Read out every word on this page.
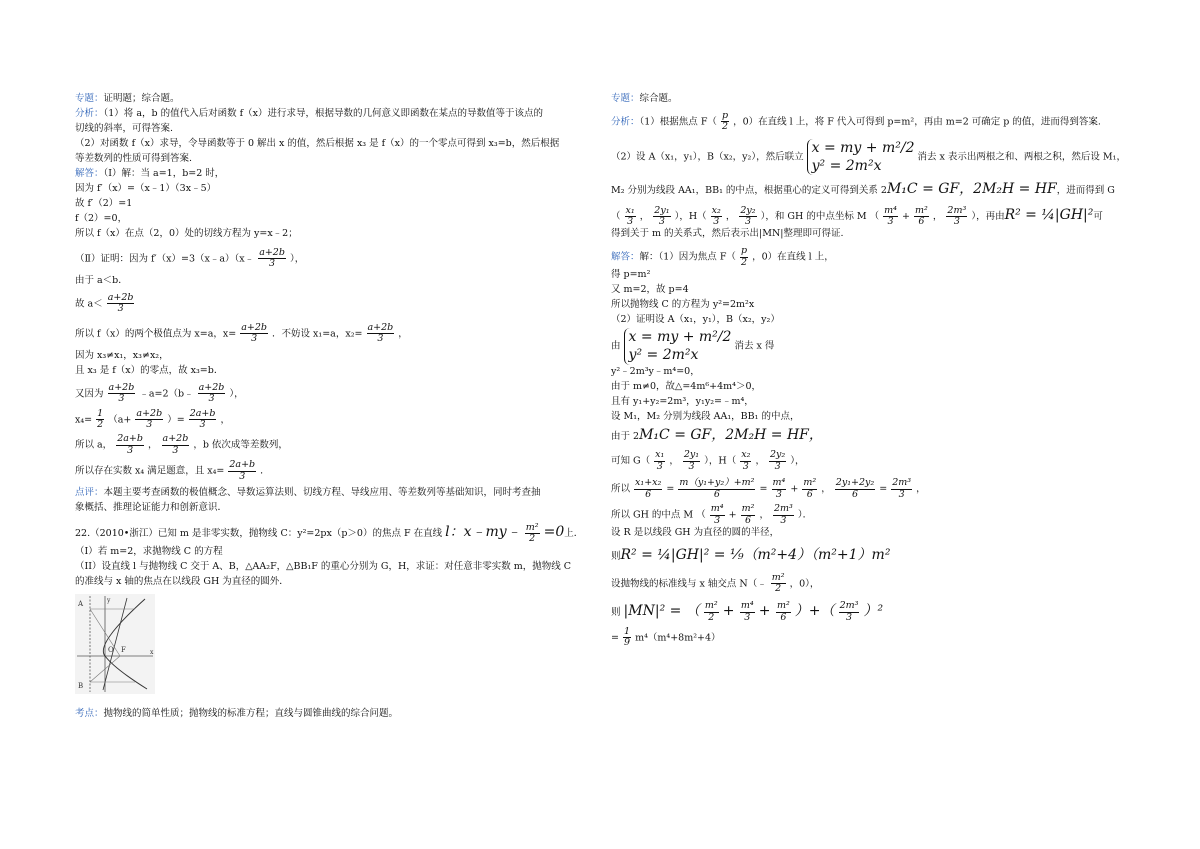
专题：证明题；综合题。
分析：（1）将 a，b 的值代入后对函数 f（x）进行求导，根据导数的几何意义即函数在某点的导数值等于该点的
切线的斜率，可得答案.
（2）对函数 f（x）求导，令导函数等于 0 解出 x 的值，然后根据 x₃ 是 f（x）的一个零点可得到 x₃=b，然后根据
等差数列的性质可得到答案.
解答：（Ⅰ）解：当 a=1，b=2 时，
因为 f′（x）=（x﹣1）（3x﹣5）
故 f′（2）=1
f（2）=0，
所以 f（x）在点（2，0）处的切线方程为 y=x﹣2；
（Ⅱ）证明：因为 f′（x）=3（x﹣a）（x﹣ $\frac{a+2b}{3}$ ），
由于 a＜b．
故 $a< \frac{a+2b}{3}$
所以 f（x）的两个极值点为 x=a，$x= \frac{a+2b}{3}$ ．不妨设 x₁=a，$x_2= \frac{a+2b}{3}$ ，
因为 x₃≠x₁，x₃≠x₂，
且 x₃ 是 f（x）的零点，故 x₃=b．
又因为 $\frac{a+2b}{3}$ ﹣a=2（b﹣ $\frac{a+2b}{3}$ ），
$x_4= \frac{1}{2} (a+ \frac{a+2b}{3}$ ）= $\frac{2a+b}{3}$ ，
所以 a， $\frac{2a+b}{3}$ ， $\frac{a+2b}{3}$ ，b 依次成等差数列，
所以存在实数 x₄ 满足题意，且 $x_4= \frac{2a+b}{3}$ ．
点评：本题主要考查函数的极值概念、导数运算法则、切线方程、导线应用、等差数列等基础知识，同时考查抽
象概括、推理论证能力和创新意识．
22.（2010•浙江）已知 m 是非零实数，抛物线 C：y²=2px（p＞0）的焦点 F 在直线 l：x﹣my﹣ $\frac{\text{m²}}{2} =0$上．
（I）若 m=2，求抛物线 C 的方程
（II）设直线 l 与抛物线 C 交于 A、B，△AA₂F，△BB₁F 的重心分别为 G，H，求证：对任意非零实数 m，抛物线 C
的准线与 x 轴的焦点在以线段 GH 为直径的圆外．
A
B
O F	x
y
考点：抛物线的简单性质；抛物线的标准方程；直线与圆锥曲线的综合问题。
专题：综合题。
分析：（1）根据焦点 $F( \frac{p}{2}$ ，0）在直线 l 上，将 F 代入可得到 p=m²，再由 m=2 可确定 p 的值，进而得到答案.
（2）设 A（x₁，y₁），B（x₂，y₂），然后联立
x = my + m²/2
y² = 2m²x
消去 x 表示出两根之和、两根之积，然后设 M₁，
M₂ 分别为线段 AA₁，BB₁ 的中点，根据重心的定义可得到关系 2M₁C = GF，2M₂H = HF，进而得到 G
（ $\frac{\text{x₁}}{3}$ ， $\frac{\text{2y₁}}{3}$ ），$H( \frac{\text{x₂}}{3}$ ， $\frac{\text{2y₂}}{3}$ ），和 GH 的中点坐标 M （ $\frac{\text{m⁴}}{3} + \frac{\text{m²}}{6}$ ， $\frac{\text{2m³}}{3}$ ），再由R² = ¼|GH|²可
得到关于 m 的关系式，然后表示出|MN|整理即可得证.
解答：解：（1）因为焦点 $F( \frac{p}{2}$ ，0）在直线 l 上，
得 p=m²
又 m=2，故 p=4
所以抛物线 C 的方程为 y²=2m²x
（2）证明设 A（x₁，y₁），B（x₂，y₂）
由
x = my + m²/2
y² = 2m²x
消去 x 得
y²﹣2m³y﹣m⁴=0，
由于 m≠0，故△=4m⁶+4m⁴＞0，
且有 y₁+y₂=2m³，y₁y₂=﹣m⁴，
设 M₁，M₂ 分别为线段 AA₁，BB₁ 的中点，
由于 2M₁C = GF，2M₂H = HF，
可知 $G( \frac{\text{x₁}}{3}$ ， $\frac{\text{2y₁}}{3}$ ），$H( \frac{\text{x₂}}{3}$ ， $\frac{\text{2y₂}}{3}$ ），
所以 $\frac{\text{x₁+x₂}}{6} = \frac{\text{m（y₁+y₂）+m²}}{6} = \frac{\text{m⁴}}{3} + \frac{\text{m²}}{6}$ ， $\frac{\text{2y₁+2y₂}}{6} = \frac{\text{2m³}}{3}$ ，
所以 GH 的中点 M （ $\frac{\text{m⁴}}{3} + \frac{\text{m²}}{6}$ ， $\frac{\text{2m³}}{3}$ ）．
设 R 是以线段 GH 为直径的圆的半径，
则R² = ¼|GH|² = ⅑（m²+4）（m²+1）m²
设抛物线的标准线与 x 轴交点 N（﹣ $\frac{\text{m²}}{2}$ ，0），
则 |MN|² = （ $\frac{\text{m²}}{2} + \frac{\text{m⁴}}{3} + \frac{\text{m²}}{6}$ ）+（ $\frac{\text{2m³}}{3} )^2$
= $\frac{1}{9} m^4(m^4+8m^2+4)$
